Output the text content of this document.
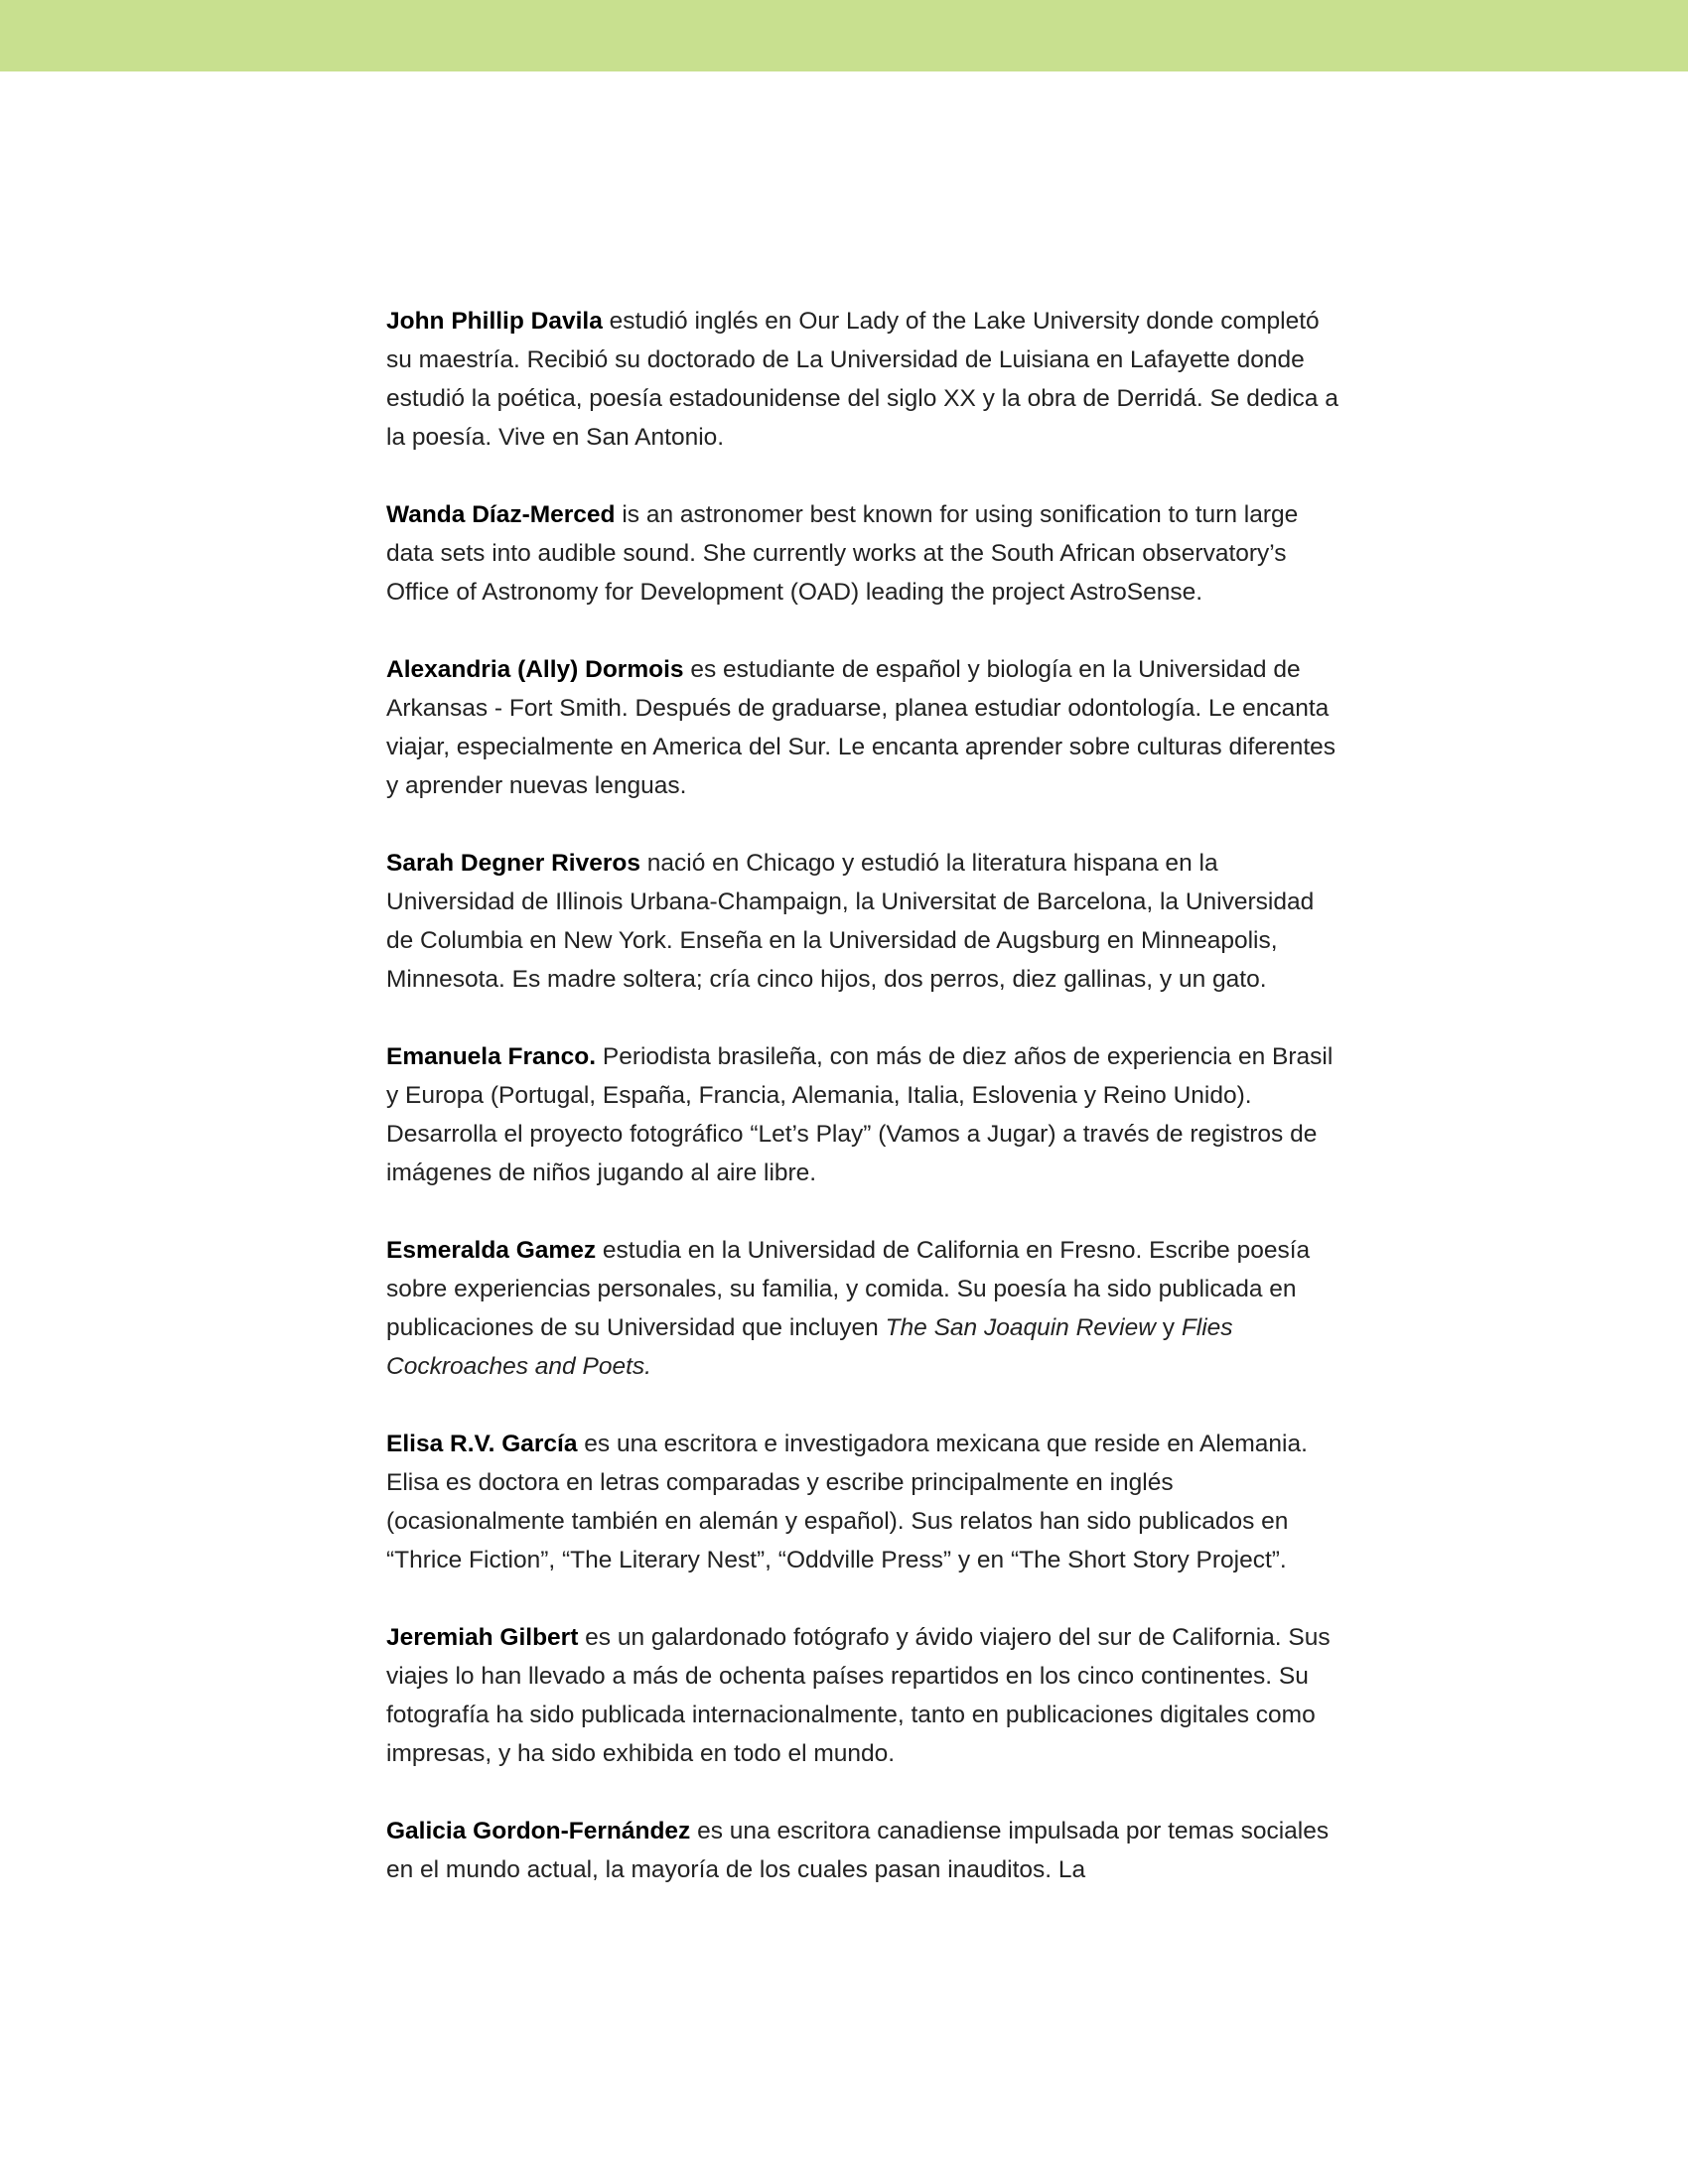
John Phillip Davila estudió inglés en Our Lady of the Lake University donde completó su maestría. Recibió su doctorado de La Universidad de Luisiana en Lafayette donde estudió la poética, poesía estadounidense del siglo XX y la obra de Derridá. Se dedica a la poesía. Vive en San Antonio.

Wanda Díaz-Merced is an astronomer best known for using sonification to turn large data sets into audible sound. She currently works at the South African observatory’s Office of Astronomy for Development (OAD) leading the project AstroSense.

Alexandria (Ally) Dormois es estudiante de español y biología en la Universidad de Arkansas - Fort Smith. Después de graduarse, planea estudiar odontología. Le encanta viajar, especialmente en America del Sur. Le encanta aprender sobre culturas diferentes y aprender nuevas lenguas.

Sarah Degner Riveros nació en Chicago y estudió la literatura hispana en la Universidad de Illinois Urbana-Champaign, la Universitat de Barcelona, la Universidad de Columbia en New York. Enseña en la Universidad de Augsburg en Minneapolis, Minnesota. Es madre soltera; cría cinco hijos, dos perros, diez gallinas, y un gato.

Emanuela Franco. Periodista brasileña, con más de diez años de experiencia en Brasil y Europa (Portugal, España, Francia, Alemania, Italia, Eslovenia y Reino Unido). Desarrolla el proyecto fotográfico “Let’s Play” (Vamos a Jugar) a través de registros de imágenes de niños jugando al aire libre.

Esmeralda Gamez estudia en la Universidad de California en Fresno. Escribe poesía sobre experiencias personales, su familia, y comida. Su poesía ha sido publicada en publicaciones de su Universidad que incluyen The San Joaquin Review y Flies Cockroaches and Poets.

Elisa R.V. García es una escritora e investigadora mexicana que reside en Alemania. Elisa es doctora en letras comparadas y escribe principalmente en inglés (ocasionalmente también en alemán y español). Sus relatos han sido publicados en “Thrice Fiction”, “The Literary Nest”, “Oddville Press” y en “The Short Story Project”.

Jeremiah Gilbert es un galardonado fotógrafo y ávido viajero del sur de California. Sus viajes lo han llevado a más de ochenta países repartidos en los cinco continentes. Su fotografía ha sido publicada internacionalmente, tanto en publicaciones digitales como impresas, y ha sido exhibida en todo el mundo.

Galicia Gordon-Fernández es una escritora canadiense impulsada por temas sociales en el mundo actual, la mayoría de los cuales pasan inauditos. La
